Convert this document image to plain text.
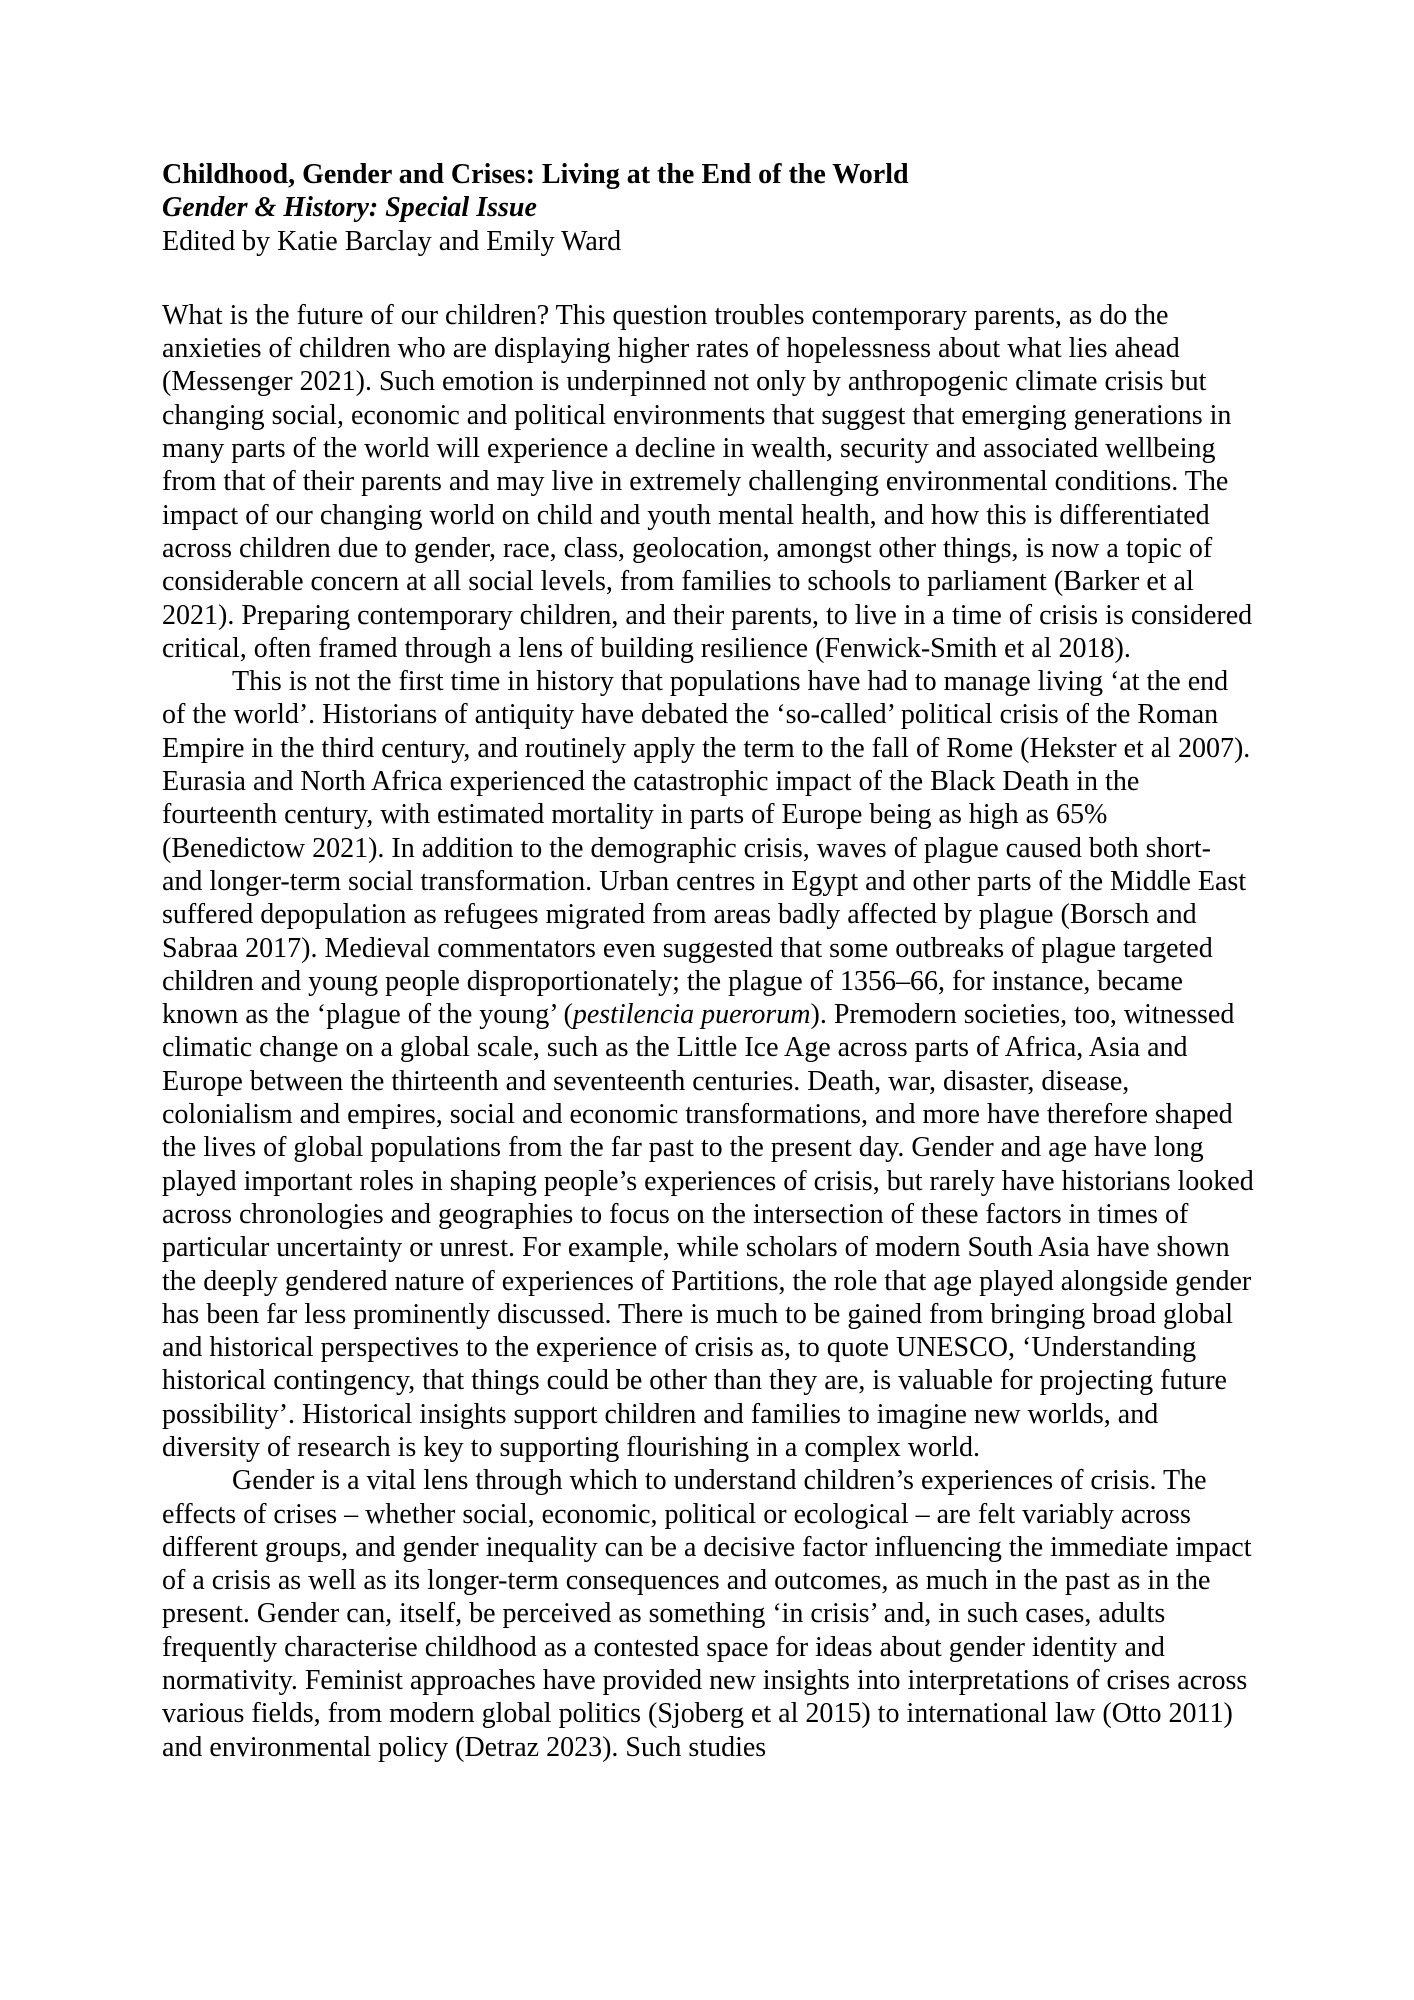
Childhood, Gender and Crises: Living at the End of the World
Gender & History: Special Issue

Edited by Katie Barclay and Emily Ward

What is the future of our children? This question troubles contemporary parents, as do the anxieties of children who are displaying higher rates of hopelessness about what lies ahead (Messenger 2021). Such emotion is underpinned not only by anthropogenic climate crisis but changing social, economic and political environments that suggest that emerging generations in many parts of the world will experience a decline in wealth, security and associated wellbeing from that of their parents and may live in extremely challenging environmental conditions. The impact of our changing world on child and youth mental health, and how this is differentiated across children due to gender, race, class, geolocation, amongst other things, is now a topic of considerable concern at all social levels, from families to schools to parliament (Barker et al 2021). Preparing contemporary children, and their parents, to live in a time of crisis is considered critical, often framed through a lens of building resilience (Fenwick-Smith et al 2018).

This is not the first time in history that populations have had to manage living ‘at the end of the world’. Historians of antiquity have debated the ‘so-called’ political crisis of the Roman Empire in the third century, and routinely apply the term to the fall of Rome (Hekster et al 2007). Eurasia and North Africa experienced the catastrophic impact of the Black Death in the fourteenth century, with estimated mortality in parts of Europe being as high as 65% (Benedictow 2021). In addition to the demographic crisis, waves of plague caused both short- and longer-term social transformation. Urban centres in Egypt and other parts of the Middle East suffered depopulation as refugees migrated from areas badly affected by plague (Borsch and Sabraa 2017). Medieval commentators even suggested that some outbreaks of plague targeted children and young people disproportionately; the plague of 1356–66, for instance, became known as the ‘plague of the young’ (pestilencia puerorum). Premodern societies, too, witnessed climatic change on a global scale, such as the Little Ice Age across parts of Africa, Asia and Europe between the thirteenth and seventeenth centuries. Death, war, disaster, disease, colonialism and empires, social and economic transformations, and more have therefore shaped the lives of global populations from the far past to the present day. Gender and age have long played important roles in shaping people’s experiences of crisis, but rarely have historians looked across chronologies and geographies to focus on the intersection of these factors in times of particular uncertainty or unrest. For example, while scholars of modern South Asia have shown the deeply gendered nature of experiences of Partitions, the role that age played alongside gender has been far less prominently discussed. There is much to be gained from bringing broad global and historical perspectives to the experience of crisis as, to quote UNESCO, ‘Understanding historical contingency, that things could be other than they are, is valuable for projecting future possibility’. Historical insights support children and families to imagine new worlds, and diversity of research is key to supporting flourishing in a complex world.

Gender is a vital lens through which to understand children’s experiences of crisis. The effects of crises – whether social, economic, political or ecological – are felt variably across different groups, and gender inequality can be a decisive factor influencing the immediate impact of a crisis as well as its longer-term consequences and outcomes, as much in the past as in the present. Gender can, itself, be perceived as something ‘in crisis’ and, in such cases, adults frequently characterise childhood as a contested space for ideas about gender identity and normativity. Feminist approaches have provided new insights into interpretations of crises across various fields, from modern global politics (Sjoberg et al 2015) to international law (Otto 2011) and environmental policy (Detraz 2023). Such studies
